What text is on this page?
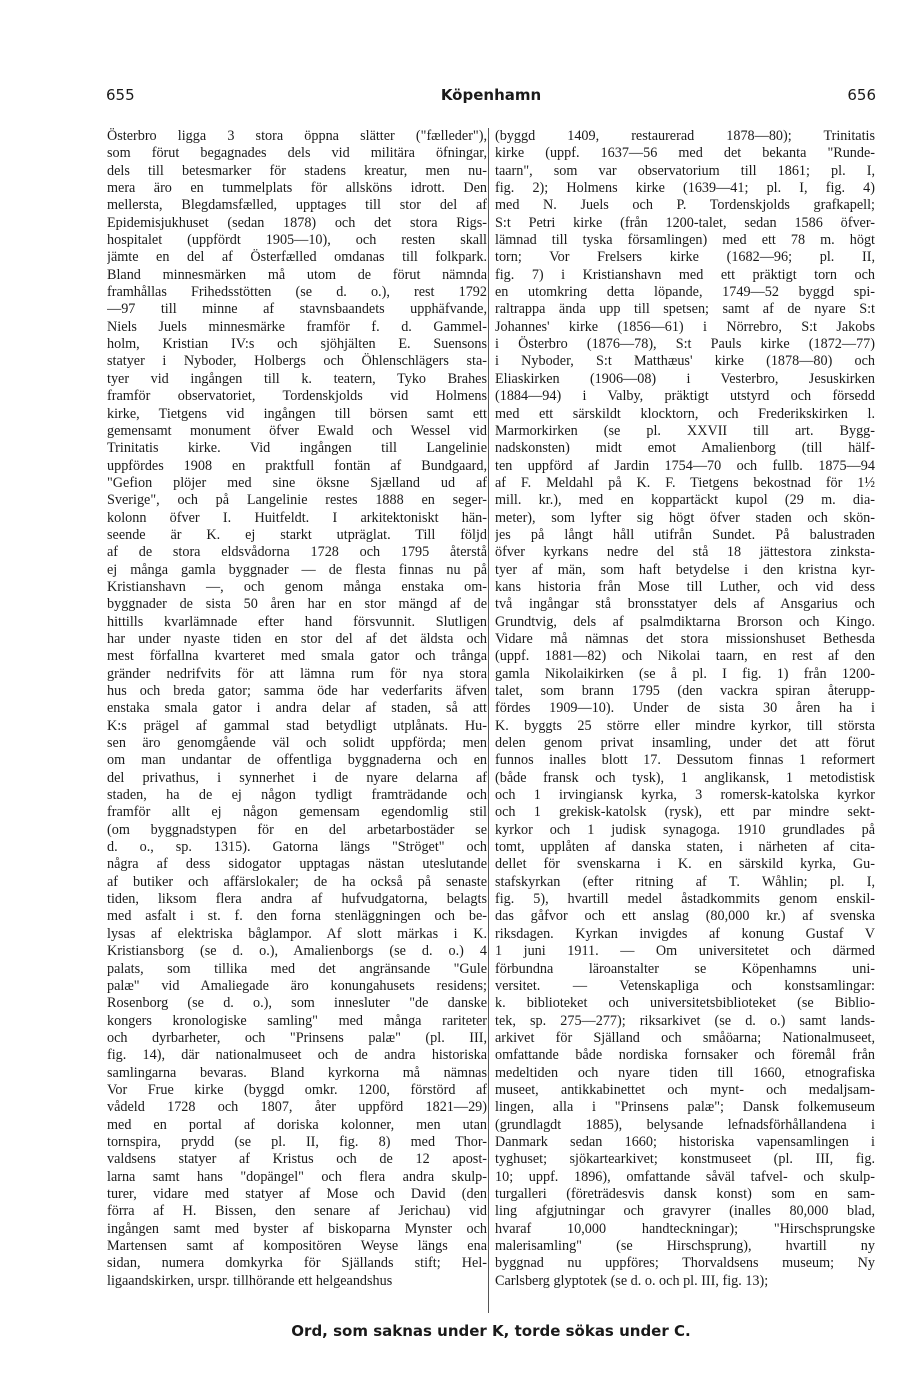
655	Köpenhamn	656
Österbro ligga 3 stora öppna slätter ("fælleder"),
som förut begagnades dels vid militära öfningar,
dels till betesmarker för stadens kreatur, men nu-
mera äro en tummelplats för allsköns idrott. Den
mellersta, Blegdamsfælled, upptages till stor del af
Epidemisjukhuset (sedan 1878) och det stora Rigs-
hospitalet (uppfördt 1905—10), och resten skall
jämte en del af Österfælled omdanas till folkpark.
Bland minnesmärken må utom de förut nämnda
framhållas Frihedsstötten (se d. o.), rest 1792
—97 till minne af stavnsbaandets upphäfvande,
Niels Juels minnesmärke framför f. d. Gammel-
holm, Kristian IV:s och sjöhjälten E. Suensons
statyer i Nyboder, Holbergs och Öhlenschlägers sta-
tyer vid ingången till k. teatern, Tyko Brahes
framför observatoriet, Tordenskjolds vid Holmens
kirke, Tietgens vid ingången till börsen samt ett
gemensamt monument öfver Ewald och Wessel vid
Trinitatis kirke. Vid ingången till Langelinie
uppfördes 1908 en praktfull fontän af Bundgaard,
"Gefion plöjer med sine öksne Sjælland ud af
Sverige", och på Langelinie restes 1888 en seger-
kolonn öfver I. Huitfeldt. I arkitektoniskt hän-
seende är K. ej starkt utpräglat. Till följd
af de stora eldsvådorna 1728 och 1795 återstå
ej många gamla byggnader — de flesta finnas nu på
Kristianshavn —, och genom många enstaka om-
byggnader de sista 50 åren har en stor mängd af de
hittills kvarlämnade efter hand försvunnit. Slutligen
har under nyaste tiden en stor del af det äldsta och
mest förfallna kvarteret med smala gator och trånga
gränder nedrifvits för att lämna rum för nya stora
hus och breda gator; samma öde har vederfarits äfven
enstaka smala gator i andra delar af staden, så att
K:s prägel af gammal stad betydligt utplånats. Hu-
sen äro genomgående väl och solidt uppförda; men
om man undantar de offentliga byggnaderna och en
del privathus, i synnerhet i de nyare delarna af
staden, ha de ej någon tydligt framträdande och
framför allt ej någon gemensam egendomlig stil
(om byggnadstypen för en del arbetarbostäder se
d. o., sp. 1315). Gatorna längs "Ströget" och
några af dess sidogator upptagas nästan uteslutande
af butiker och affärslokaler; de ha också på senaste
tiden, liksom flera andra af hufvudgatorna, belagts
med asfalt i st. f. den forna stenläggningen och be-
lysas af elektriska båglampor. Af slott märkas i K.
Kristiansborg (se d. o.), Amalienborgs (se d. o.) 4
palats, som tillika med det angränsande "Gule
palæ" vid Amaliegade äro konungahusets residens;
Rosenborg (se d. o.), som innesluter "de danske
kongers kronologiske samling" med många rariteter
och dyrbarheter, och "Prinsens palæ" (pl. III,
fig. 14), där nationalmuseet och de andra historiska
samlingarna bevaras. Bland kyrkorna må nämnas
Vor Frue kirke (byggd omkr. 1200, förstörd af
vådeld 1728 och 1807, åter uppförd 1821—29)
med en portal af doriska kolonner, men utan
tornspira, prydd (se pl. II, fig. 8) med Thor-
valdsens statyer af Kristus och de 12 apost-
larna samt hans "dopängel" och flera andra skulp-
turer, vidare med statyer af Mose och David (den
förra af H. Bissen, den senare af Jerichau) vid
ingången samt med byster af biskoparna Mynster och
Martensen samt af kompositören Weyse längs ena
sidan, numera domkyrka för Själlands stift; Hel-
ligaandskirken, urspr. tillhörande ett helgeandshus
(byggd 1409, restaurerad 1878—80); Trinitatis
kirke (uppf. 1637—56 med det bekanta "Runde-
taarn", som var observatorium till 1861; pl. I,
fig. 2); Holmens kirke (1639—41; pl. I, fig. 4)
med N. Juels och P. Tordenskjolds grafkapell;
S:t Petri kirke (från 1200-talet, sedan 1586 öfver-
lämnad till tyska församlingen) med ett 78 m. högt
torn; Vor Frelsers kirke (1682—96; pl. II,
fig. 7) i Kristianshavn med ett präktigt torn och
en utomkring detta löpande, 1749—52 byggd spi-
raltrappa ända upp till spetsen; samt af de nyare S:t
Johannes' kirke (1856—61) i Nörrebro, S:t Jakobs
i Österbro (1876—78), S:t Pauls kirke (1872—77)
i Nyboder, S:t Matthæus' kirke (1878—80) och
Eliaskirken (1906—08) i Vesterbro, Jesuskirken
(1884—94) i Valby, präktigt utstyrd och försedd
med ett särskildt klocktorn, och Frederikskirken l.
Marmorkirken (se pl. XXVII till art. Bygg-
nadskonsten) midt emot Amalienborg (till hälf-
ten uppförd af Jardin 1754—70 och fullb. 1875—94
af F. Meldahl på K. F. Tietgens bekostnad för 1½
mill. kr.), med en koppartäckt kupol (29 m. dia-
meter), som lyfter sig högt öfver staden och skön-
jes på långt håll utifrån Sundet. På balustraden
öfver kyrkans nedre del stå 18 jättestora zinksta-
tyer af män, som haft betydelse i den kristna kyr-
kans historia från Mose till Luther, och vid dess
två ingångar stå bronsstatyer dels af Ansgarius och
Grundtvig, dels af psalmdiktarna Brorson och Kingo.
Vidare må nämnas det stora missionshuset Bethesda
(uppf. 1881—82) och Nikolai taarn, en rest af den
gamla Nikolaikirken (se å pl. I fig. 1) från 1200-
talet, som brann 1795 (den vackra spiran återupp-
fördes 1909—10). Under de sista 30 åren ha i
K. byggts 25 större eller mindre kyrkor, till största
delen genom privat insamling, under det att förut
funnos inalles blott 17. Dessutom finnas 1 reformert
(både fransk och tysk), 1 anglikansk, 1 metodistisk
och 1 irvingiansk kyrka, 3 romersk-katolska kyrkor
och 1 grekisk-katolsk (rysk), ett par mindre sekt-
kyrkor och 1 judisk synagoga. 1910 grundlades på
tomt, upplåten af danska staten, i närheten af cita-
dellet för svenskarna i K. en särskild kyrka, Gu-
stafskyrkan (efter ritning af T. Wåhlin; pl. I,
fig. 5), hvartill medel åstadkommits genom enskil-
das gåfvor och ett anslag (80,000 kr.) af svenska
riksdagen. Kyrkan invigdes af konung Gustaf V
1 juni 1911. — Om universitetet och därmed
förbundna läroanstalter se Köpenhamns uni-
versitet. — Vetenskapliga och konstsamlingar:
k. biblioteket och universitetsbiblioteket (se Biblio-
tek, sp. 275—277); riksarkivet (se d. o.) samt lands-
arkivet för Själland och småöarna; Nationalmuseet,
omfattande både nordiska fornsaker och föremål från
medeltiden och nyare tiden till 1660, etnografiska
museet, antikkabinettet och mynt- och medaljsam-
lingen, alla i "Prinsens palæ"; Dansk folkemuseum
(grundlagdt 1885), belysande lefnadsförhållandena i
Danmark sedan 1660; historiska vapensamlingen i
tyghuset; sjökartearkivet; konstmuseet (pl. III, fig.
10; uppf. 1896), omfattande såväl tafvel- och skulp-
turgalleri (företrädesvis dansk konst) som en sam-
ling afgjutningar och gravyrer (inalles 80,000 blad,
hvaraf 10,000 handteckningar); "Hirschsprungske
malerisamling" (se Hirschsprung), hvartill ny
byggnad nu uppföres; Thorvaldsens museum; Ny
Carlsberg glyptotek (se d. o. och pl. III, fig. 13);
Ord, som saknas under K, torde sökas under C.
